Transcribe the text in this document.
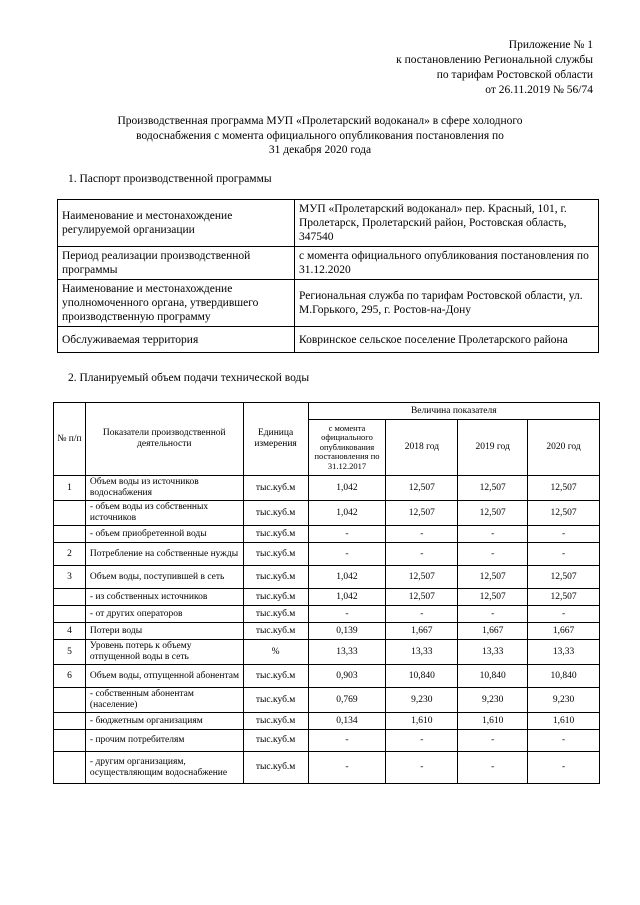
Приложение № 1
к постановлению Региональной службы
по тарифам Ростовской области
от 26.11.2019 № 56/74
Производственная программа МУП «Пролетарский водоканал» в сфере холодного
водоснабжения с момента официального опубликования постановления по
31 декабря 2020 года
1. Паспорт производственной программы
Наименование и местонахождение регулируемой организации	МУП «Пролетарский водоканал» пер. Красный, 101, г. Пролетарск, Пролетарский район, Ростовская область, 347540
Период реализации производственной программы	с момента официального опубликования постановления по 31.12.2020
Наименование и местонахождение уполномоченного органа, утвердившего производственную программу	Региональная служба по тарифам Ростовской области, ул. М.Горького, 295, г. Ростов-на-Дону
Обслуживаемая территория	Ковринское сельское поселение Пролетарского района
2. Планируемый объем подачи технической воды
№ п/п	Показатели производственной деятельности	Единица измерения	Величина показателя			
			с момента официального опубликования постановления по 31.12.2017	2018 год	2019 год	2020 год
1	Объем воды из источников водоснабжения	тыс.куб.м	1,042	12,507	12,507	12,507
	- объем воды из собственных источников	тыс.куб.м	1,042	12,507	12,507	12,507
	- объем приобретенной воды	тыс.куб.м	-	-	-	-
2	Потребление на собственные нужды	тыс.куб.м	-	-	-	-
3	Объем воды, поступившей в сеть	тыс.куб.м	1,042	12,507	12,507	12,507
	- из собственных источников	тыс.куб.м	1,042	12,507	12,507	12,507
	- от других операторов	тыс.куб.м	-	-	-	-
4	Потери воды	тыс.куб.м	0,139	1,667	1,667	1,667
5	Уровень потерь к объему отпущенной воды в сеть	%	13,33	13,33	13,33	13,33
6	Объем воды, отпущенной абонентам	тыс.куб.м	0,903	10,840	10,840	10,840
	- собственным абонентам (население)	тыс.куб.м	0,769	9,230	9,230	9,230
	- бюджетным организациям	тыс.куб.м	0,134	1,610	1,610	1,610
	- прочим потребителям	тыс.куб.м	-	-	-	-
	- другим организациям, осуществляющим водоснабжение	тыс.куб.м	-	-	-	-
